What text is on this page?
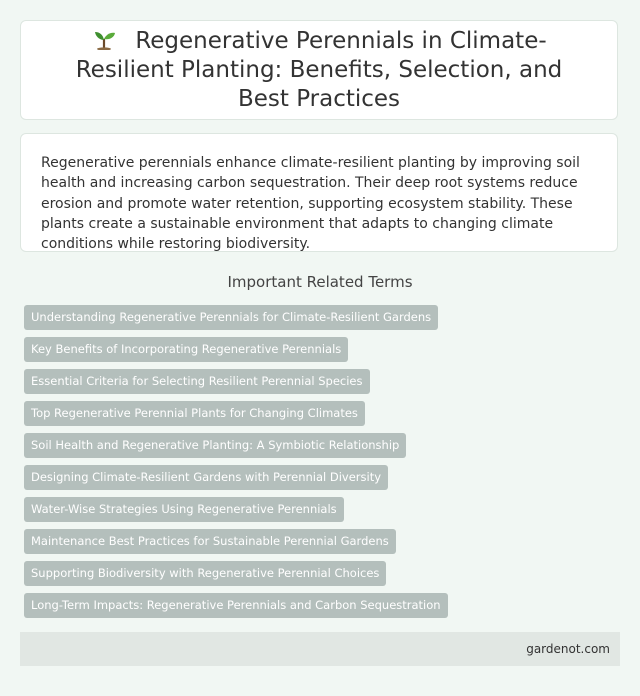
Regenerative Perennials in Climate-Resilient Planting: Benefits, Selection, and Best Practices

Regenerative perennials enhance climate-resilient planting by improving soil health and increasing carbon sequestration. Their deep root systems reduce erosion and promote water retention, supporting ecosystem stability. These plants create a sustainable environment that adapts to changing climate conditions while restoring biodiversity.

Important Related Terms
Understanding Regenerative Perennials for Climate-Resilient Gardens
Key Benefits of Incorporating Regenerative Perennials
Essential Criteria for Selecting Resilient Perennial Species
Top Regenerative Perennial Plants for Changing Climates
Soil Health and Regenerative Planting: A Symbiotic Relationship
Designing Climate-Resilient Gardens with Perennial Diversity
Water-Wise Strategies Using Regenerative Perennials
Maintenance Best Practices for Sustainable Perennial Gardens
Supporting Biodiversity with Regenerative Perennial Choices
Long-Term Impacts: Regenerative Perennials and Carbon Sequestration
gardenot.com
